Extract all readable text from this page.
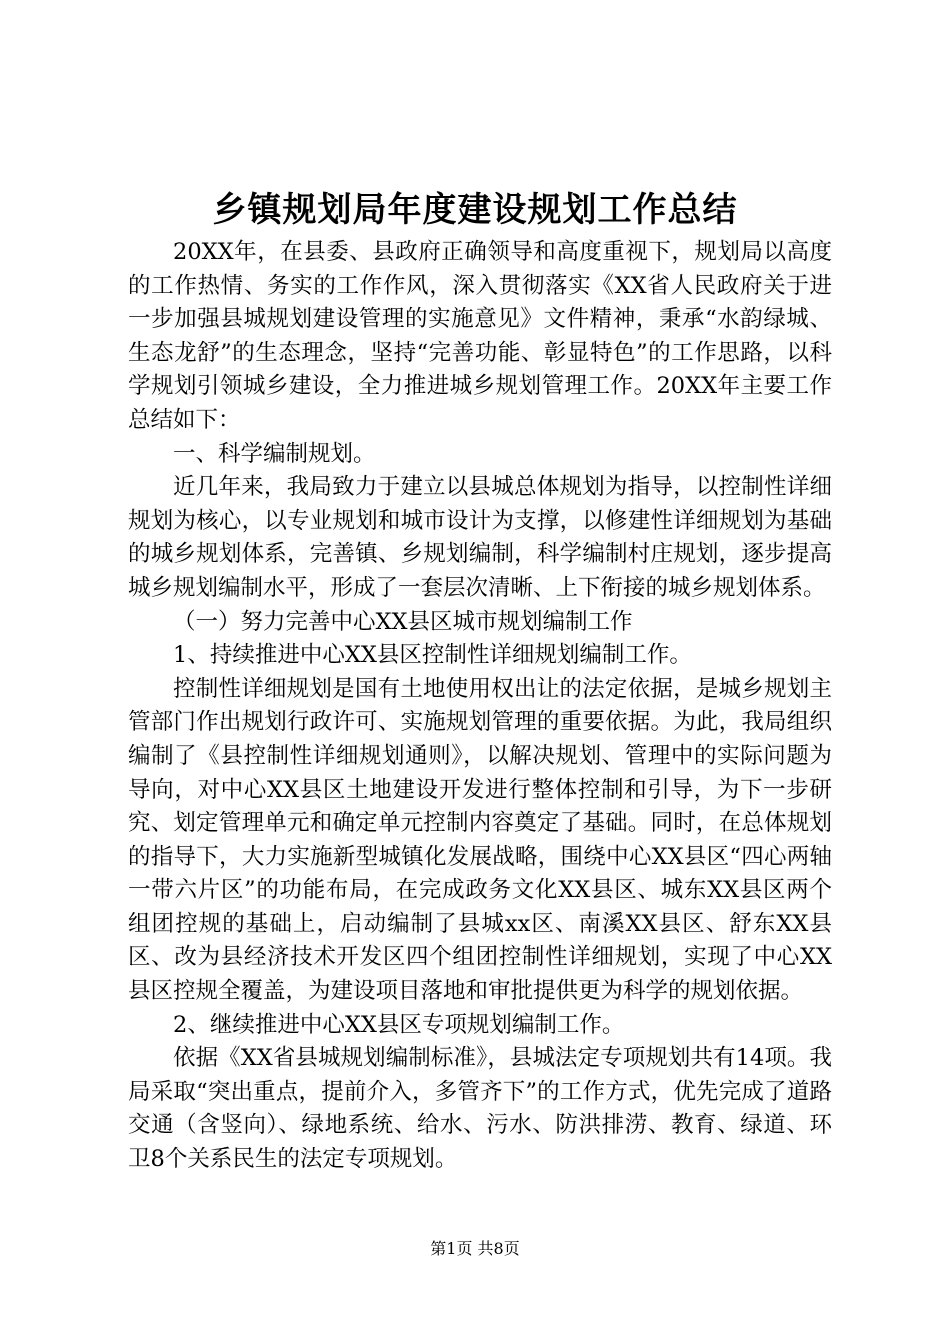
乡镇规划局年度建设规划工作总结

20XX年，在县委、县政府正确领导和高度重视下，规划局以高度的工作热情、务实的工作作风，深入贯彻落实《XX省人民政府关于进一步加强县城规划建设管理的实施意见》文件精神，秉承“水韵绿城、生态龙舒”的生态理念，坚持“完善功能、彰显特色”的工作思路，以科学规划引领城乡建设，全力推进城乡规划管理工作。20XX年主要工作总结如下：

一、科学编制规划。

近几年来，我局致力于建立以县城总体规划为指导，以控制性详细规划为核心，以专业规划和城市设计为支撑，以修建性详细规划为基础的城乡规划体系，完善镇、乡规划编制，科学编制村庄规划，逐步提高城乡规划编制水平，形成了一套层次清晰、上下衔接的城乡规划体系。

（一）努力完善中心XX县区城市规划编制工作

1、持续推进中心XX县区控制性详细规划编制工作。

控制性详细规划是国有土地使用权出让的法定依据，是城乡规划主管部门作出规划行政许可、实施规划管理的重要依据。为此，我局组织编制了《县控制性详细规划通则》，以解决规划、管理中的实际问题为导向，对中心XX县区土地建设开发进行整体控制和引导，为下一步研究、划定管理单元和确定单元控制内容奠定了基础。同时，在总体规划的指导下，大力实施新型城镇化发展战略，围绕中心XX县区“四心两轴一带六片区”的功能布局，在完成政务文化XX县区、城东XX县区两个组团控规的基础上，启动编制了县城xx区、南溪XX县区、舒东XX县区、改为县经济技术开发区四个组团控制性详细规划，实现了中心XX县区控规全覆盖，为建设项目落地和审批提供更为科学的规划依据。

2、继续推进中心XX县区专项规划编制工作。

依据《XX省县城规划编制标准》，县城法定专项规划共有14项。我局采取“突出重点，提前介入，多管齐下”的工作方式，优先完成了道路交通（含竖向）、绿地系统、给水、污水、防洪排涝、教育、绿道、环卫8个关系民生的法定专项规划。

第1页 共8页
